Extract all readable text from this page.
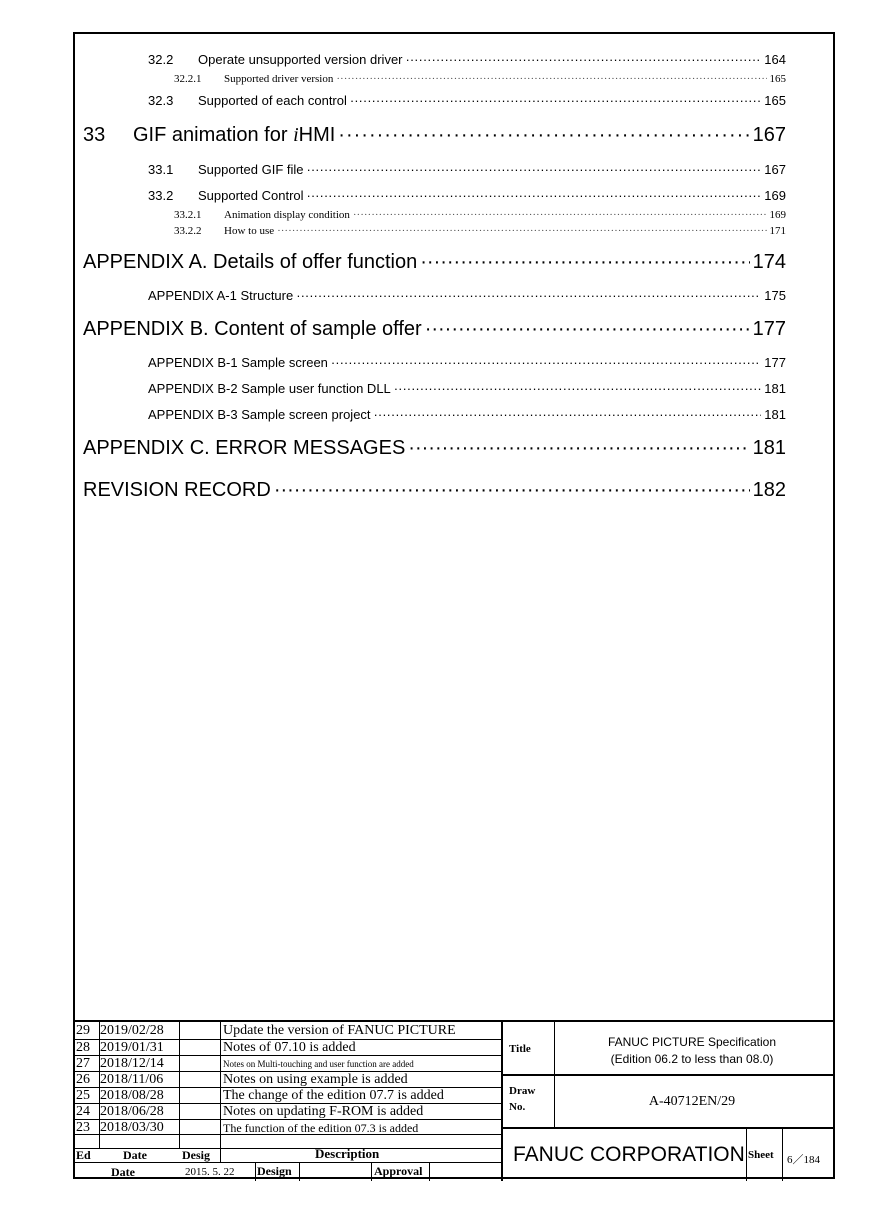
32.2	Operate unsupported version driver ·····	164
32.2.1	Supported driver version ·····	165
32.3	Supported of each control ·····	165
33	GIF animation for iHMI ·····	167
33.1	Supported GIF file ·····	167
33.2	Supported Control ·····	169
33.2.1	Animation display condition ·····	169
33.2.2	How to use ·····	171
APPENDIX A. Details of offer function ·····	174
APPENDIX A-1 Structure ·····	175
APPENDIX B. Content of sample offer ·····	177
APPENDIX B-1 Sample screen ·····	177
APPENDIX B-2 Sample user function DLL ·····	181
APPENDIX B-3 Sample screen project ·····	181
APPENDIX C. ERROR MESSAGES ·····	181
REVISION RECORD ·····	182
29 2019/02/28	Update the version of FANUC PICTURE
28 2019/01/31	Notes of 07.10 is added
27 2018/12/14	Notes on Multi-touching and user function are added
26 2018/11/06	Notes on using example is added
25 2018/08/28	The change of the edition 07.7 is added
24 2018/06/28	Notes on updating F-ROM is added
23 2018/03/30	The function of the edition 07.3 is added
Ed	Date	Desig	Description
Date	2015. 5. 22 Design	Approval
Title	FANUC PICTURE Specification
(Edition 06.2 to less than 08.0)
Draw
No.	A-40712EN/29
FANUC CORPORATION Sheet 6／184
